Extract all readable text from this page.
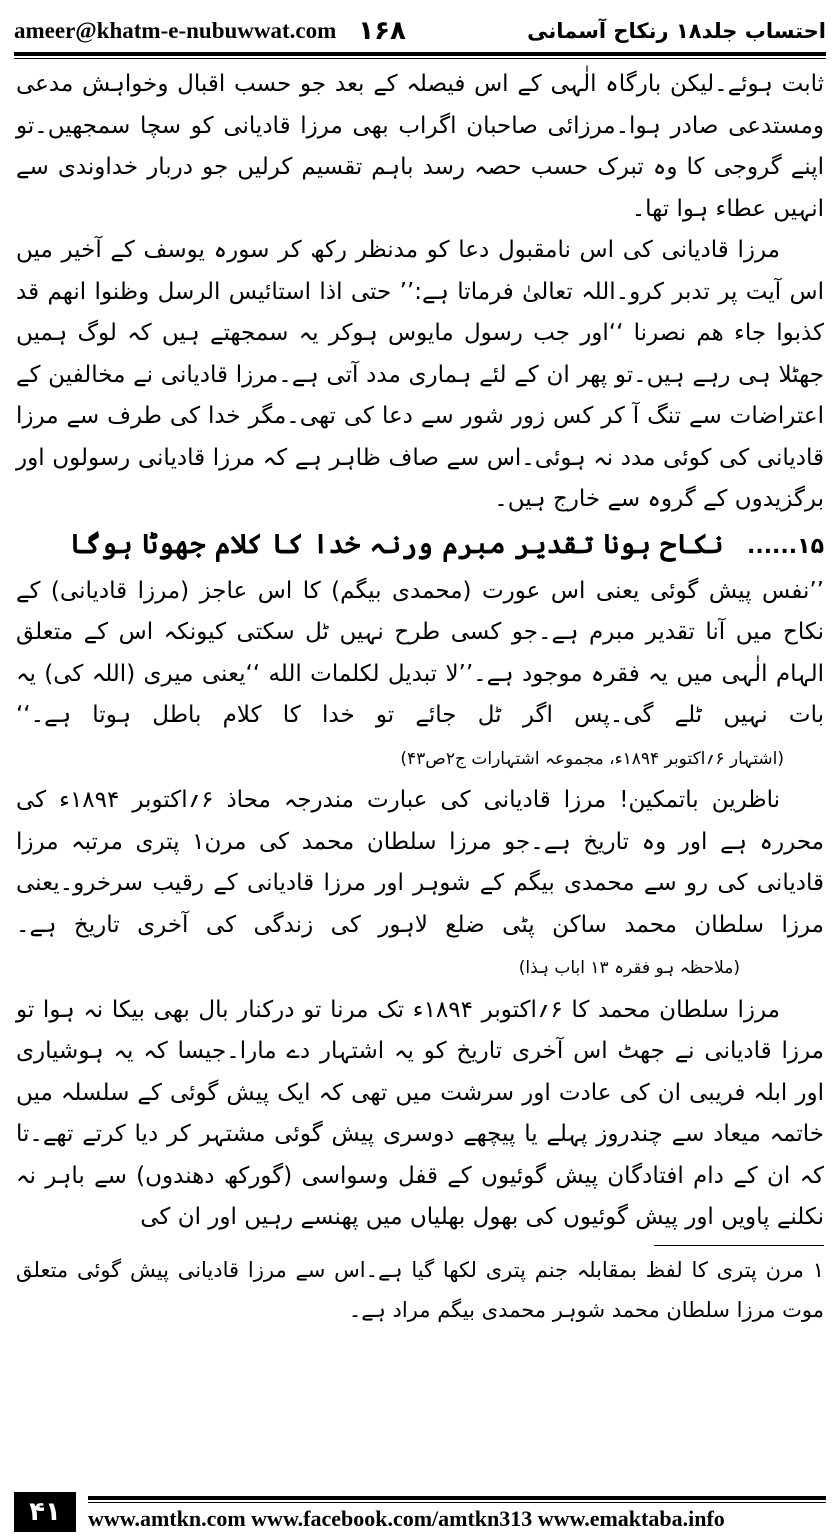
ameer@khatm-e-nubuwwat.com ۱۶۸	احتساب جلد۱۸ رنکاح آسمانی

ثابت ہوئے۔لیکن بارگاہ الٰہی کے اس فیصلہ کے بعد جو حسب اقبال وخواہش مدعی ومستدعی صادر ہوا۔مرزائی صاحبان اگراب بھی مرزا قادیانی کو سچا سمجھیں۔تو اپنے گروجی کا وہ تبرک حسب حصہ رسد باہم تقسیم کرلیں جو دربار خداوندی سے انہیں عطاء ہوا تھا۔

مرزا قادیانی کی اس نامقبول دعا کو مدنظر رکھ کر سورہ یوسف کے آخیر میں اس آیت پر تدبر کرو۔اللہ تعالیٰ فرماتا ہے:’’ حتی اذا استائیس الرسل وظنوا انهم قد کذبوا جاء هم نصرنا ‘‘اور جب رسول مایوس ہوکر یہ سمجھتے ہیں کہ لوگ ہمیں جھٹلا ہی رہے ہیں۔تو پھر ان کے لئے ہماری مدد آتی ہے۔مرزا قادیانی نے مخالفین کے اعتراضات سے تنگ آ کر کس زور شور سے دعا کی تھی۔مگر خدا کی طرف سے مرزا قادیانی کی کوئی مدد نہ ہوئی۔اس سے صاف ظاہر ہے کہ مرزا قادیانی رسولوں اور برگزیدوں کے گروہ سے خارج ہیں۔

۱۵...... نکاح ہونا تقدیر مبرم ورنہ خدا کا کلام جھوٹا ہوگا

’’نفس پیش گوئی یعنی اس عورت (محمدی بیگم) کا اس عاجز (مرزا قادیانی) کے نکاح میں آنا تقدیر مبرم ہے۔جو کسی طرح نہیں ٹل سکتی کیونکہ اس کے متعلق الہام الٰہی میں یہ فقرہ موجود ہے۔’’لا تبدیل لکلمات الله ‘‘یعنی میری (اللہ کی) یہ بات نہیں ٹلے گی۔پس اگر ٹل جائے تو خدا کا کلام باطل ہوتا ہے۔‘‘ (اشتہار ۶؍اکتوبر ۱۸۹۴ء، مجموعہ اشتہارات ج۲ص۴۳)

ناظرین باتمکین! مرزا قادیانی کی عبارت مندرجہ محاذ ۶؍اکتوبر ۱۸۹۴ء کی محررہ ہے اور وہ تاریخ ہے۔جو مرزا سلطان محمد کی مرن۱ پتری مرتبہ مرزا قادیانی کی رو سے محمدی بیگم کے شوہر اور مرزا قادیانی کے رقیب سرخرو۔یعنی مرزا سلطان محمد ساکن پٹی ضلع لاہور کی زندگی کی آخری تاریخ ہے۔ (ملاحظہ ہو فقرہ ۱۳ اباب ہذا)

مرزا سلطان محمد کا ۶؍اکتوبر ۱۸۹۴ء تک مرنا تو درکنار بال بھی بیکا نہ ہوا تو مرزا قادیانی نے جھٹ اس آخری تاریخ کو یہ اشتہار دے مارا۔جیسا کہ یہ ہوشیاری اور ابلہ فریبی ان کی عادت اور سرشت میں تھی کہ ایک پیش گوئی کے سلسلہ میں خاتمہ میعاد سے چندروز پہلے یا پیچھے دوسری پیش گوئی مشتہر کر دیا کرتے تھے۔تا کہ ان کے دام افتادگان پیش گوئیوں کے قفل وسواسی (گورکھ دھندوں) سے باہر نہ نکلنے پاویں اور پیش گوئیوں کی بھول بھلیاں میں پھنسے رہیں اور ان کی

۱ مرن پتری کا لفظ بمقابلہ جنم پتری لکھا گیا ہے۔اس سے مرزا قادیانی پیش گوئی متعلق موت مرزا سلطان محمد شوہر محمدی بیگم مراد ہے۔

۴۱	www.amtkn.com www.facebook.com/amtkn313 www.emaktaba.info
